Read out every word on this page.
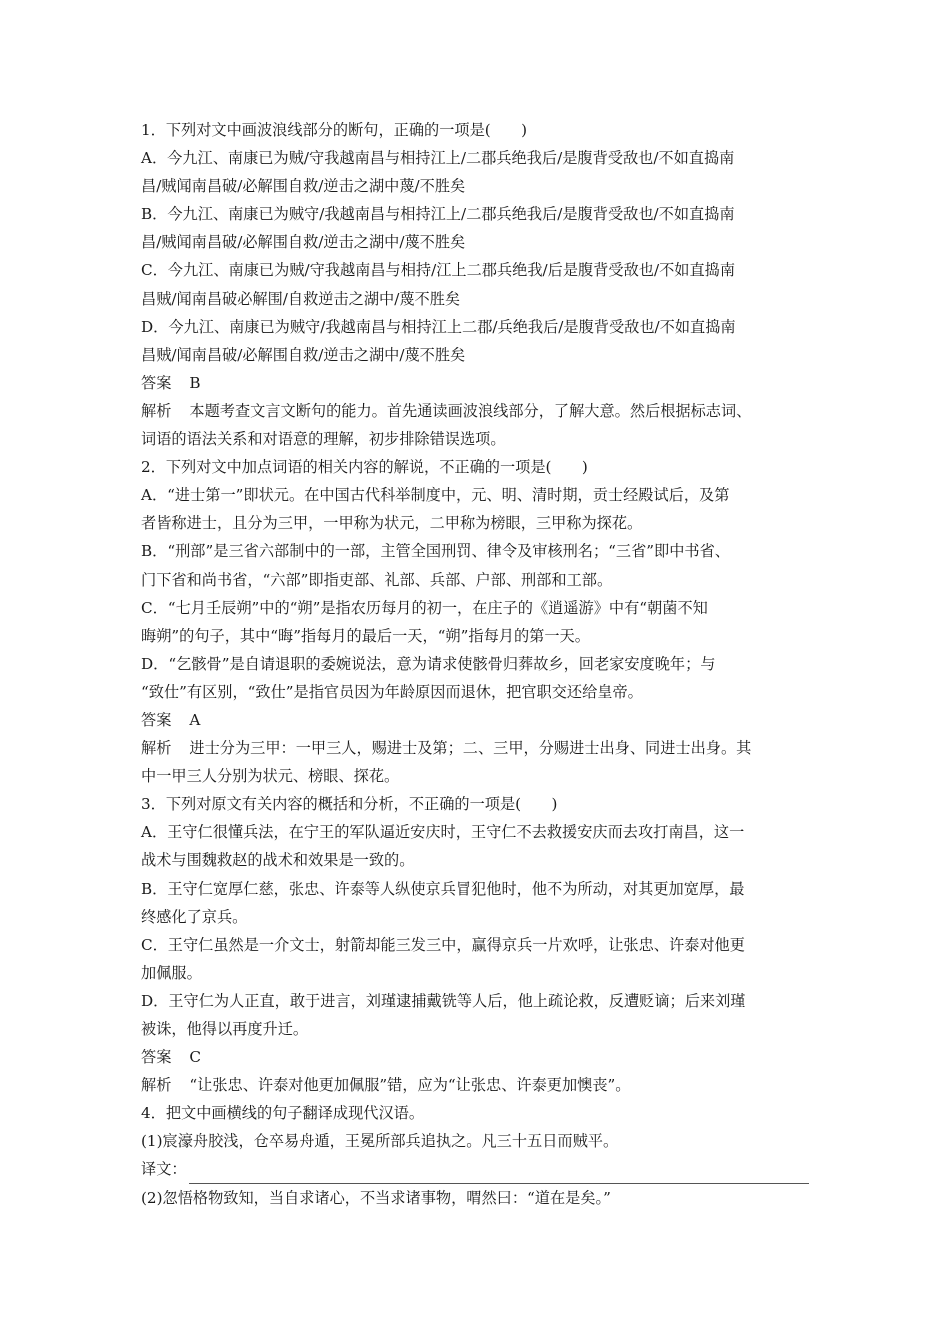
1．下列对文中画波浪线部分的断句，正确的一项是(　　)
A．今九江、南康已为贼/守我越南昌与相持江上/二郡兵绝我后/是腹背受敌也/不如直捣南
昌/贼闻南昌破/必解围自救/逆击之湖中蔑/不胜矣
B．今九江、南康已为贼守/我越南昌与相持江上/二郡兵绝我后/是腹背受敌也/不如直捣南
昌/贼闻南昌破/必解围自救/逆击之湖中/蔑不胜矣
C．今九江、南康已为贼/守我越南昌与相持/江上二郡兵绝我/后是腹背受敌也/不如直捣南
昌贼/闻南昌破必解围/自救逆击之湖中/蔑不胜矣
D．今九江、南康已为贼守/我越南昌与相持江上二郡/兵绝我后/是腹背受敌也/不如直捣南
昌贼/闻南昌破/必解围自救/逆击之湖中/蔑不胜矣
答案 B
解析 本题考查文言文断句的能力。首先通读画波浪线部分，了解大意。然后根据标志词、
词语的语法关系和对语意的理解，初步排除错误选项。
2．下列对文中加点词语的相关内容的解说，不正确的一项是(　　)
A．“进士第一”即状元。在中国古代科举制度中，元、明、清时期，贡士经殿试后，及第
者皆称进士，且分为三甲，一甲称为状元，二甲称为榜眼，三甲称为探花。
B．“刑部”是三省六部制中的一部，主管全国刑罚、律令及审核刑名；“三省”即中书省、
门下省和尚书省，“六部”即指吏部、礼部、兵部、户部、刑部和工部。
C．“七月壬辰朔”中的“朔”是指农历每月的初一，在庄子的《逍遥游》中有“朝菌不知
晦朔”的句子，其中“晦”指每月的最后一天，“朔”指每月的第一天。
D．“乞骸骨”是自请退职的委婉说法，意为请求使骸骨归葬故乡，回老家安度晚年；与
“致仕”有区别，“致仕”是指官员因为年龄原因而退休，把官职交还给皇帝。
答案 A
解析 进士分为三甲：一甲三人，赐进士及第；二、三甲，分赐进士出身、同进士出身。其
中一甲三人分别为状元、榜眼、探花。
3．下列对原文有关内容的概括和分析，不正确的一项是(　　)
A．王守仁很懂兵法，在宁王的军队逼近安庆时，王守仁不去救援安庆而去攻打南昌，这一
战术与围魏救赵的战术和效果是一致的。
B．王守仁宽厚仁慈，张忠、许泰等人纵使京兵冒犯他时，他不为所动，对其更加宽厚，最
终感化了京兵。
C．王守仁虽然是一介文士，射箭却能三发三中，赢得京兵一片欢呼，让张忠、许泰对他更
加佩服。
D．王守仁为人正直，敢于进言，刘瑾逮捕戴铣等人后，他上疏论救，反遭贬谪；后来刘瑾
被诛，他得以再度升迁。
答案 C
解析 “让张忠、许泰对他更加佩服”错，应为“让张忠、许泰更加懊丧”。
4．把文中画横线的句子翻译成现代汉语。
(1)宸濠舟胶浅，仓卒易舟遁，王冕所部兵追执之。凡三十五日而贼平。
译文：
(2)忽悟格物致知，当自求诸心，不当求诸事物，喟然曰：“道在是矣。”
